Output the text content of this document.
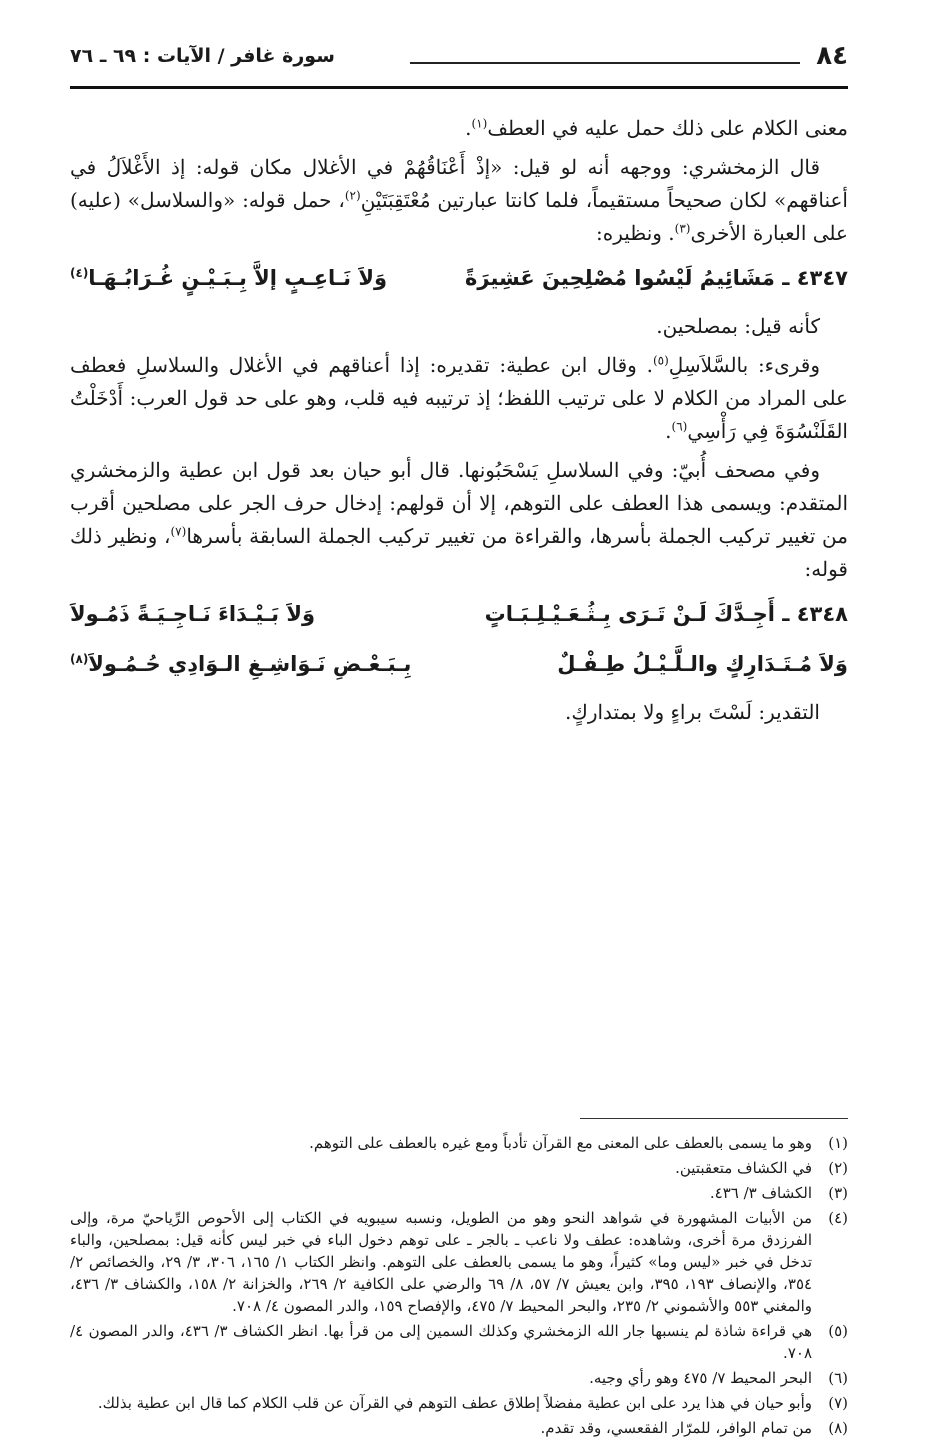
٨٤
سورة غافر / الآيات : ٦٩ ـ ٧٦

معنى الكلام على ذلك حمل عليه في العطف$^{(١)}$.

قال الزمخشري: ووجهه أنه لو قيل: «إذْ أَعْنَاقُهُمْ في الأغلال مكان قوله: إذ الأَغْلاَلُ في أعناقهم» لكان صحيحاً مستقيماً، فلما كانتا عبارتين مُعْتَقِبَتَيْنِ$^{(٢)}$، حمل قوله: «والسلاسل» (عليه) على العبارة الأخرى$^{(٣)}$. ونظيره:

٤٣٤٧ ـ مَشَائِيمُ لَيْسُوا مُصْلِحِينَ عَشِيرَةً
وَلاَ نَـاعِـبٍ إلاَّ بِـبَـيْـنٍ غُـرَابُـهَـا$^{(٤)}$

كأنه قيل: بمصلحين.

وقرىء: بالسَّلاَسِلِ$^{(٥)}$. وقال ابن عطية: تقديره: إذا أعناقهم في الأغلال والسلاسلِ فعطف على المراد من الكلام لا على ترتيب اللفظ؛ إذ ترتيبه فيه قلب، وهو على حد قول العرب: أَدْخَلْتُ القَلَنْسُوَةَ فِي رَأْسِي$^{(٦)}$.

وفي مصحف أُبيّ: وفي السلاسلِ يَسْحَبُونها. قال أبو حيان بعد قول ابن عطية والزمخشري المتقدم: ويسمى هذا العطف على التوهم، إلا أن قولهم: إدخال حرف الجر على مصلحين أقرب من تغيير تركيب الجملة بأسرها، والقراءة من تغيير تركيب الجملة السابقة بأسرها$^{(٧)}$، ونظير ذلك قوله:

٤٣٤٨ ـ أَجِـدَّكَ لَـنْ تَـرَى بِـثُـعَـيْـلِـبَـاتٍ
وَلاَ بَـيْـدَاءَ نَـاجِـيَـةً ذَمُـولاَ
وَلاَ مُـتَـدَارِكٍ والـلَّـيْـلُ طِـفْـلٌ
بِـبَـعْـضِ نَـوَاشِـغِ الـوَادِي حُـمُـولاَ$^{(٨)}$

التقدير: لَسْتَ براءٍ ولا بمتداركٍ.

(١)
وهو ما يسمى بالعطف على المعنى مع القرآن تأدباً ومع غيره بالعطف على التوهم.
(٢)
في الكشاف متعقبتين.
(٣)
الكشاف ٣/ ٤٣٦.
(٤)
من الأبيات المشهورة في شواهد النحو وهو من الطويل، ونسبه سيبويه في الكتاب إلى الأحوص الرِّياحيّ مرة، وإلى الفرزدق مرة أخرى، وشاهده: عطف ولا ناعب ـ بالجر ـ على توهم دخول الباء في خبر ليس كأنه قيل: بمصلحين، والباء تدخل في خبر «ليس وما» كثيراً، وهو ما يسمى بالعطف على التوهم. وانظر الكتاب ١/ ١٦٥، ٣٠٦، ٣/ ٢٩، والخصائص ٢/ ٣٥٤، والإنصاف ١٩٣، ٣٩٥، وابن يعيش ٧/ ٥٧، ٨/ ٦٩ والرضي على الكافية ٢/ ٢٦٩، والخزانة ٢/ ١٥٨، والكشاف ٣/ ٤٣٦، والمغني ٥٥٣ والأشموني ٢/ ٢٣٥، والبحر المحيط ٧/ ٤٧٥، والإفصاح ١٥٩، والدر المصون ٤/ ٧٠٨.
(٥)
هي قراءة شاذة لم ينسبها جار الله الزمخشري وكذلك السمين إلى من قرأ بها. انظر الكشاف ٣/ ٤٣٦، والدر المصون ٤/ ٧٠٨.
(٦)
البحر المحيط ٧/ ٤٧٥ وهو رأي وجيه.
(٧)
وأبو حيان في هذا يرد على ابن عطية مفضلاً إطلاق عطف التوهم في القرآن عن قلب الكلام كما قال ابن عطية بذلك.
(٨)
من تمام الوافر، للمرّار الفقعسي، وقد تقدم.
